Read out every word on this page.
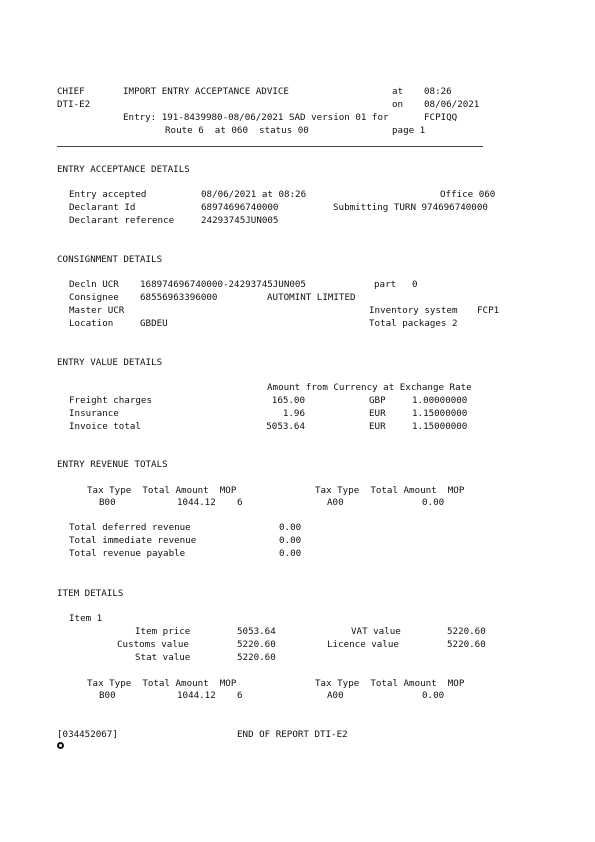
CHIEF	IMPORT ENTRY ACCEPTANCE ADVICE	at 08:26
DTI-E2	on 08/06/2021
Entry: 191-8439980-08/06/2021 SAD version 01 for	FCPIQQ
Route 6  at 060  status 00	page 1
ENTRY ACCEPTANCE DETAILS
Entry accepted	08/06/2021 at 08:26	Office 060
Declarant Id	68974696740000	Submitting TURN 974696740000
Declarant reference	24293745JUN005
CONSIGNMENT DETAILS
Decln UCR 168974696740000-24293745JUN005	part 0
Consignee 68556963396000	AUTOMINT LIMITED
Master UCR	Inventory system FCP1
Location	GBDEU	Total packages 2
ENTRY VALUE DETAILS
Amount from Currency at Exchange Rate
Freight charges	165.00	GBP	1.00000000
Insurance	1.96	EUR	1.15000000
Invoice total	5053.64	EUR	1.15000000
ENTRY REVENUE TOTALS
Tax Type  Total Amount  MOP	Tax Type  Total Amount  MOP
B00	1044.12 6	A00	0.00
Total deferred revenue	0.00
Total immediate revenue	0.00
Total revenue payable	0.00
ITEM DETAILS
Item 1
Item price	5053.64	VAT value	5220.60
Customs value	5220.60	Licence value	5220.60
Stat value	5220.60
Tax Type  Total Amount  MOP	Tax Type  Total Amount  MOP
B00	1044.12 6	A00	0.00
[034452067]	END OF REPORT DTI-E2
